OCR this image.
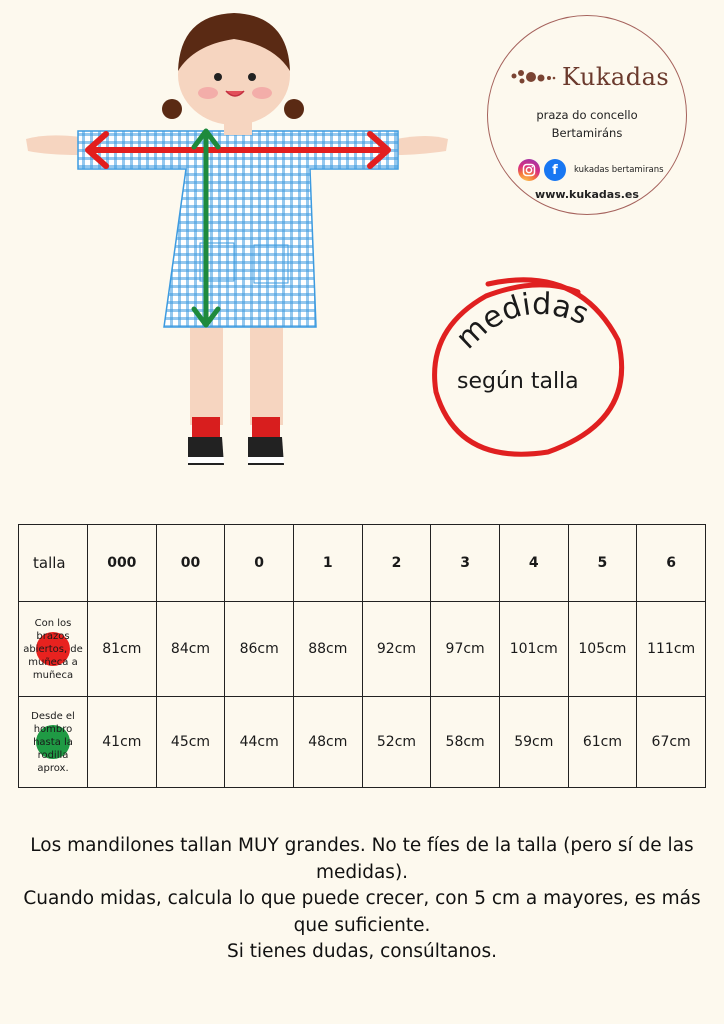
Kukadas
praza do concello
Bertamiráns
f	kukadas bertamirans
www.kukadas.es
medidas
según talla
talla	000	00	0	1	2	3	4	5	6

Con los brazos abiertos, de muñeca a muñeca	81cm	84cm	86cm	88cm	92cm	97cm	101cm	105cm	111cm

Desde el hombro hasta la rodilla aprox.	41cm	45cm	44cm	48cm	52cm	58cm	59cm	61cm	67cm

Los mandilones tallan MUY grandes. No te fíes de la talla (pero sí de las medidas).

Cuando midas, calcula lo que puede crecer, con 5 cm a mayores, es más que suficiente.

Si tienes dudas, consúltanos.
